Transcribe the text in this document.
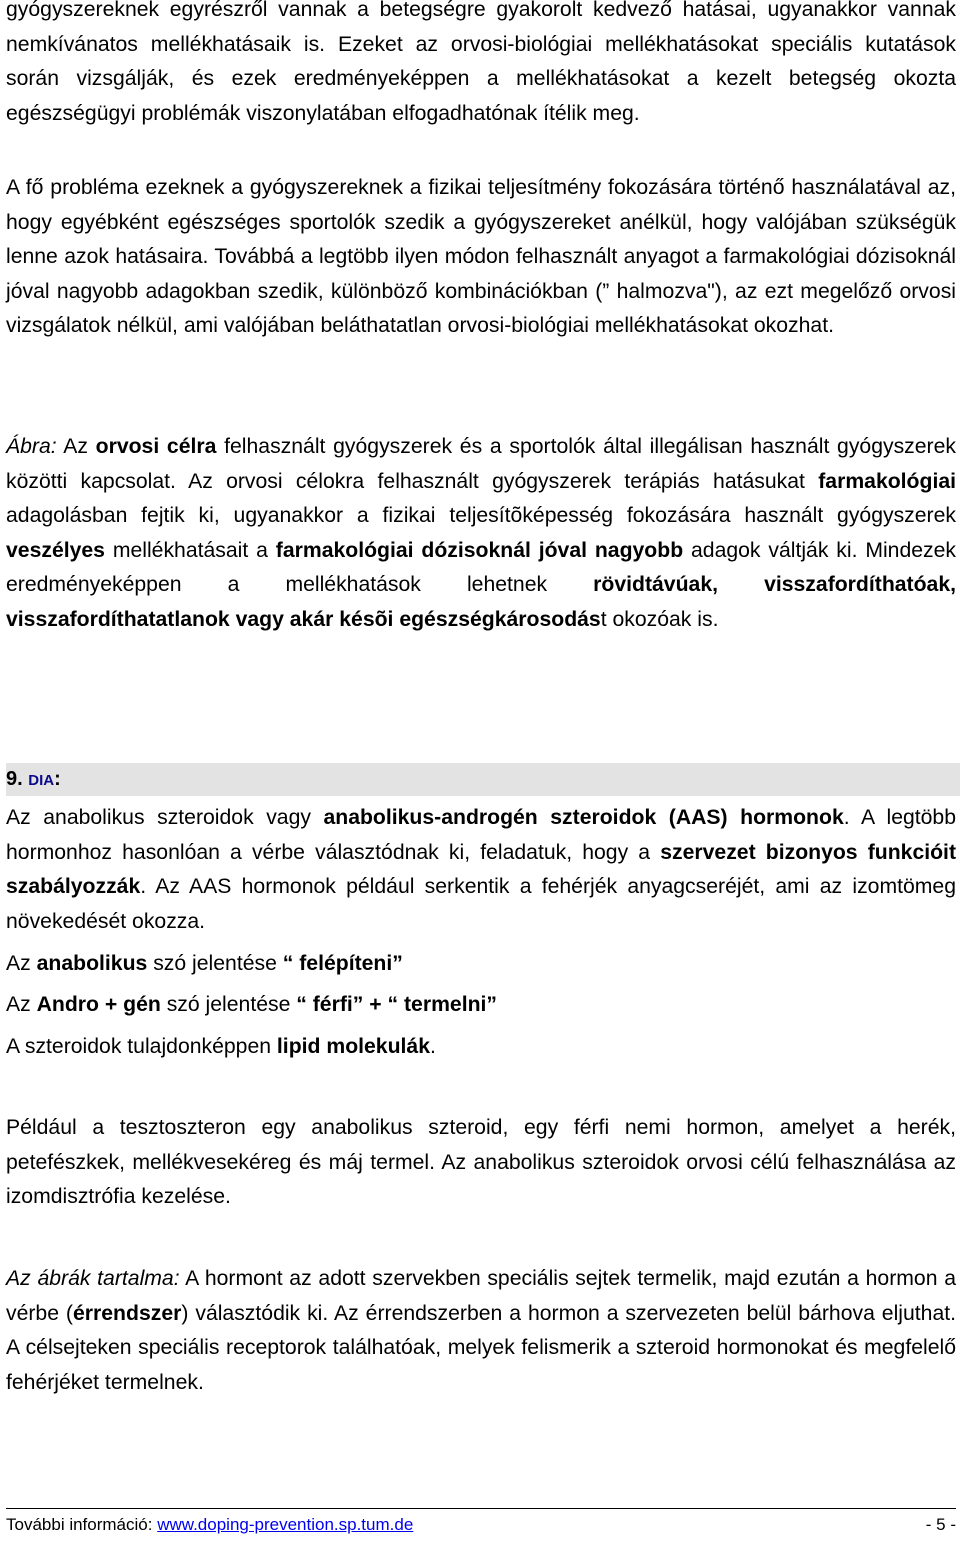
gyógyszereknek egyrészről vannak a betegségre gyakorolt kedvező hatásai, ugyanakkor vannak nemkívánatos mellékhatásaik is. Ezeket az orvosi-biológiai mellékhatásokat speciális kutatások során vizsgálják, és ezek eredményeképpen a mellékhatásokat a kezelt betegség okozta egészségügyi problémák viszonylatában elfogadhatónak ítélik meg.

A fő probléma ezeknek a gyógyszereknek a fizikai teljesítmény fokozására történő használatával az, hogy egyébként egészséges sportolók szedik a gyógyszereket anélkül, hogy valójában szükségük lenne azok hatásaira. Továbbá a legtöbb ilyen módon felhasznált anyagot a farmakológiai dózisoknál jóval nagyobb adagokban szedik, különböző kombinációkban (” halmozva"), az ezt megelőző orvosi vizsgálatok nélkül, ami valójában beláthatatlan orvosi-biológiai mellékhatásokat okozhat.

Ábra: Az orvosi célra felhasznált gyógyszerek és a sportolók által illegálisan használt gyógyszerek közötti kapcsolat. Az orvosi célokra felhasznált gyógyszerek terápiás hatásukat farmakológiai adagolásban fejtik ki, ugyanakkor a fizikai teljesítõképesség fokozására használt gyógyszerek veszélyes mellékhatásait a farmakológiai dózisoknál jóval nagyobb adagok váltják ki. Mindezek eredményeképpen a mellékhatások lehetnek rövidtávúak, visszafordíthatóak, visszafordíthatatlanok vagy akár késõi egészségkárosodást okozóak is.

9. DIA:

Az anabolikus szteroidok vagy anabolikus-androgén szteroidok (AAS) hormonok. A legtöbb hormonhoz hasonlóan a vérbe választódnak ki, feladatuk, hogy a szervezet bizonyos funkcióit szabályozzák. Az AAS hormonok például serkentik a fehérjék anyagcseréjét, ami az izomtömeg növekedését okozza.

Az anabolikus szó jelentése “ felépíteni”

Az Andro + gén szó jelentése “ férfi” + “ termelni”

A szteroidok tulajdonképpen lipid molekulák.

Például a tesztoszteron egy anabolikus szteroid, egy férfi nemi hormon, amelyet a herék, petefészkek, mellékvesekéreg és máj termel. Az anabolikus szteroidok orvosi célú felhasználása az izomdisztrófia kezelése.

Az ábrák tartalma: A hormont az adott szervekben speciális sejtek termelik, majd ezután a hormon a vérbe (érrendszer) választódik ki. Az érrendszerben a hormon a szervezeten belül bárhova eljuthat. A célsejteken speciális receptorok találhatóak, melyek felismerik a szteroid hormonokat és megfelelő fehérjéket termelnek.

További információ: www.doping-prevention.sp.tum.de	- 5 -
